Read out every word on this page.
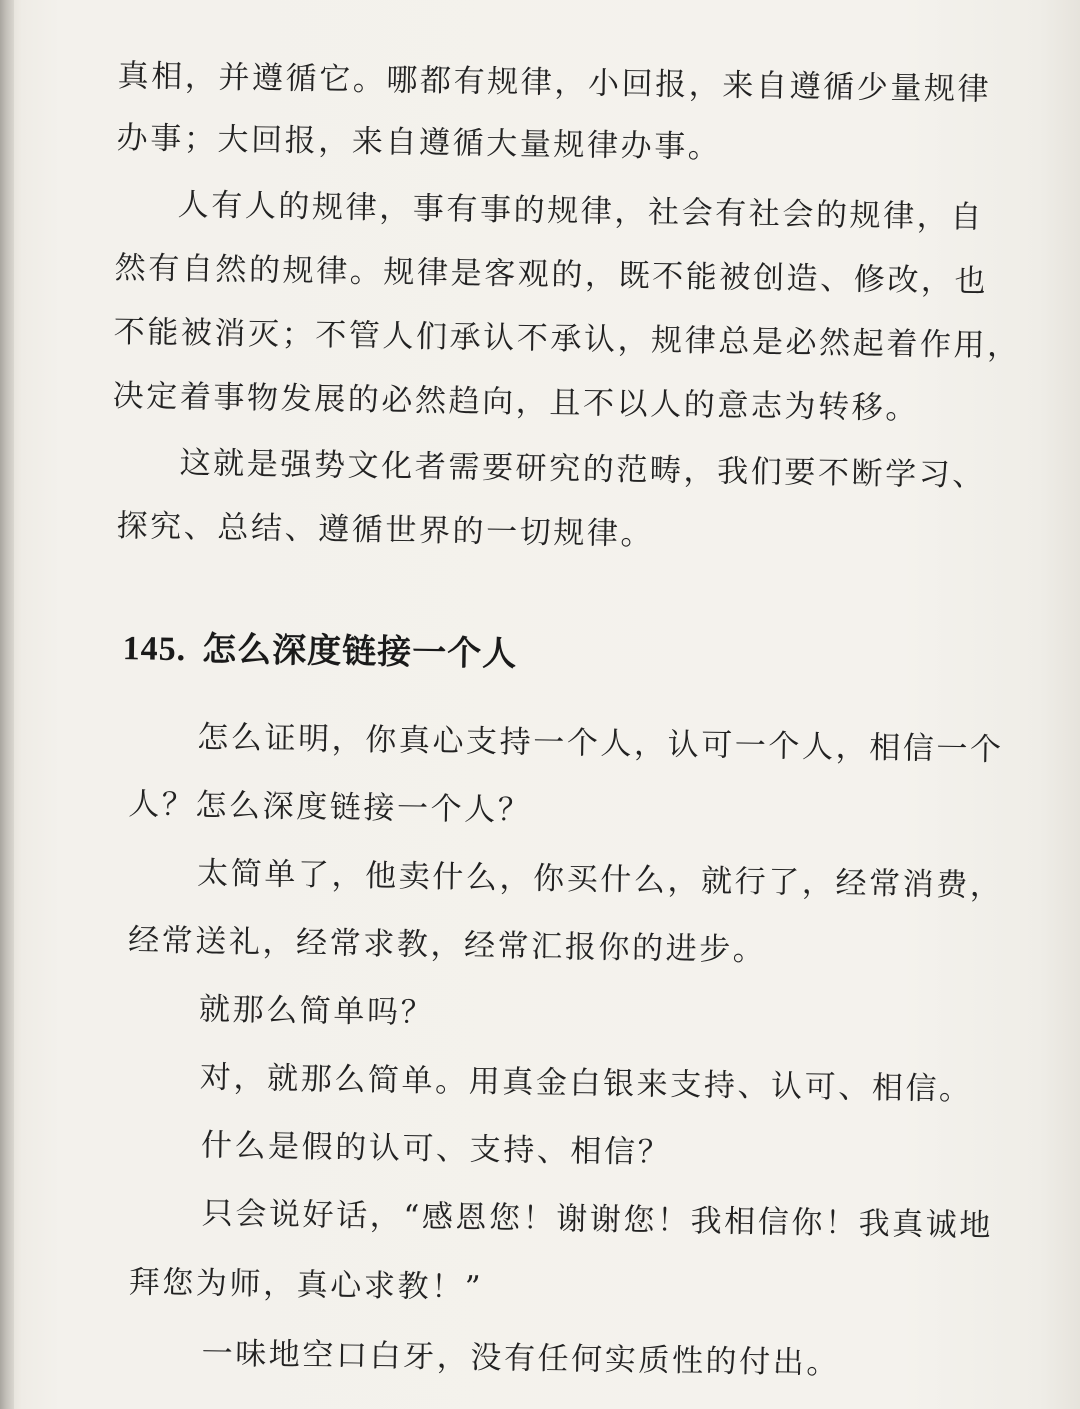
真相，并遵循它。哪都有规律，小回报，来自遵循少量规律
办事；大回报，来自遵循大量规律办事。
人有人的规律，事有事的规律，社会有社会的规律，自
然有自然的规律。规律是客观的，既不能被创造、修改，也
不能被消灭；不管人们承认不承认，规律总是必然起着作用，
决定着事物发展的必然趋向，且不以人的意志为转移。
这就是强势文化者需要研究的范畴，我们要不断学习、
探究、总结、遵循世界的一切规律。
145. 怎么深度链接一个人
怎么证明，你真心支持一个人，认可一个人，相信一个
人？怎么深度链接一个人？
太简单了，他卖什么，你买什么，就行了，经常消费，
经常送礼，经常求教，经常汇报你的进步。
就那么简单吗？
对，就那么简单。用真金白银来支持、认可、相信。
什么是假的认可、支持、相信？
只会说好话，“感恩您！谢谢您！我相信你！我真诚地
拜您为师，真心求教！”
一味地空口白牙，没有任何实质性的付出。
